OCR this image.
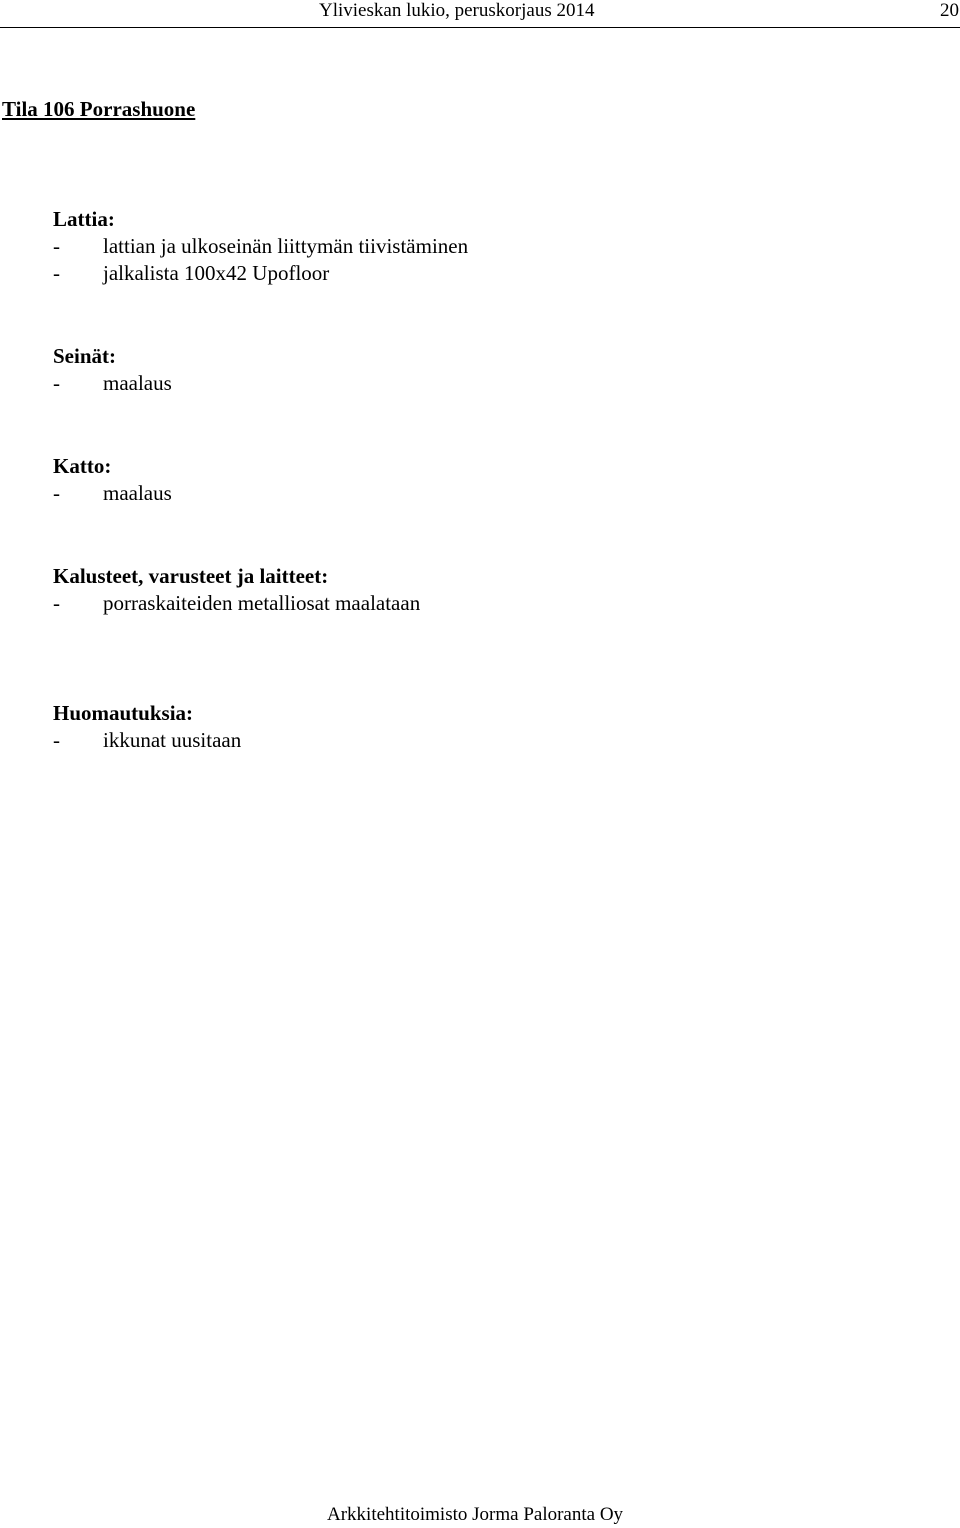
Ylivieskan lukio, peruskorjaus 2014	20
Tila 106 Porrashuone
Lattia:
- lattian ja ulkoseinän liittymän tiivistäminen
- jalkalista 100x42 Upofloor
Seinät:
- maalaus
Katto:
- maalaus
Kalusteet, varusteet ja laitteet:
- porraskaiteiden metalliosat maalataan
Huomautuksia:
- ikkunat uusitaan
Arkkitehtitoimisto Jorma Paloranta Oy
